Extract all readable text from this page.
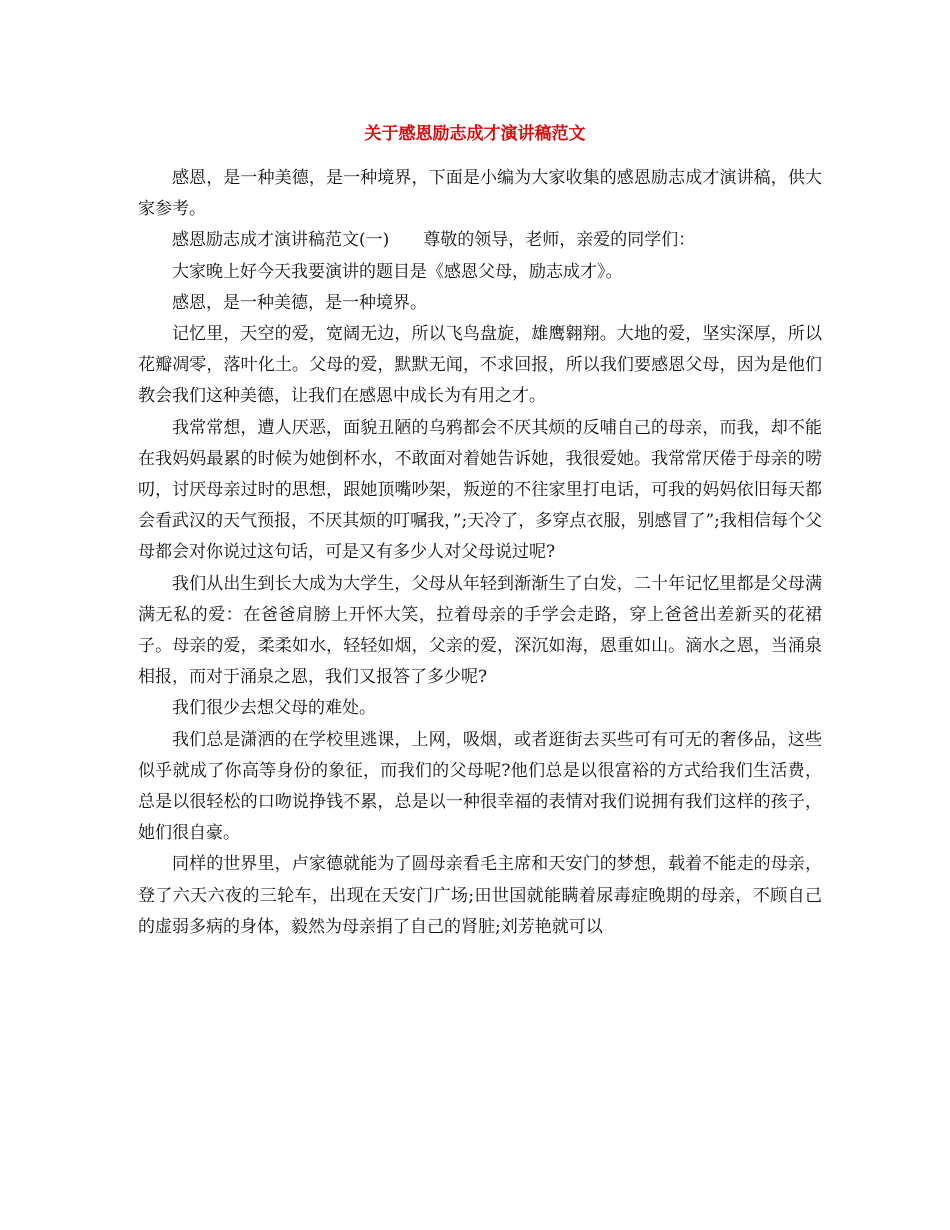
关于感恩励志成才演讲稿范文

感恩，是一种美德，是一种境界，下面是小编为大家收集的感恩励志成才演讲稿，供大家参考。

感恩励志成才演讲稿范文(一)　　尊敬的领导，老师，亲爱的同学们：

大家晚上好今天我要演讲的题目是《感恩父母，励志成才》。

感恩，是一种美德，是一种境界。

记忆里，天空的爱，宽阔无边，所以飞鸟盘旋，雄鹰翱翔。大地的爱，坚实深厚，所以花瓣凋零，落叶化土。父母的爱，默默无闻，不求回报，所以我们要感恩父母，因为是他们教会我们这种美德，让我们在感恩中成长为有用之才。

我常常想，遭人厌恶，面貌丑陋的乌鸦都会不厌其烦的反哺自己的母亲，而我，却不能在我妈妈最累的时候为她倒杯水，不敢面对着她告诉她，我很爱她。我常常厌倦于母亲的唠叨，讨厌母亲过时的思想，跟她顶嘴吵架，叛逆的不往家里打电话，可我的妈妈依旧每天都会看武汉的天气预报，不厌其烦的叮嘱我，”;天冷了，多穿点衣服，别感冒了”;我相信每个父母都会对你说过这句话，可是又有多少人对父母说过呢?

我们从出生到长大成为大学生，父母从年轻到渐渐生了白发，二十年记忆里都是父母满满无私的爱：在爸爸肩膀上开怀大笑，拉着母亲的手学会走路，穿上爸爸出差新买的花裙子。母亲的爱，柔柔如水，轻轻如烟，父亲的爱，深沉如海，恩重如山。滴水之恩，当涌泉相报，而对于涌泉之恩，我们又报答了多少呢?

我们很少去想父母的难处。

我们总是潇洒的在学校里逃课，上网，吸烟，或者逛街去买些可有可无的奢侈品，这些似乎就成了你高等身份的象征，而我们的父母呢?他们总是以很富裕的方式给我们生活费，总是以很轻松的口吻说挣钱不累，总是以一种很幸福的表情对我们说拥有我们这样的孩子，她们很自豪。

同样的世界里，卢家德就能为了圆母亲看毛主席和天安门的梦想，载着不能走的母亲，登了六天六夜的三轮车，出现在天安门广场;田世国就能瞒着尿毒症晚期的母亲，不顾自己的虚弱多病的身体，毅然为母亲捐了自己的肾脏;刘芳艳就可以
